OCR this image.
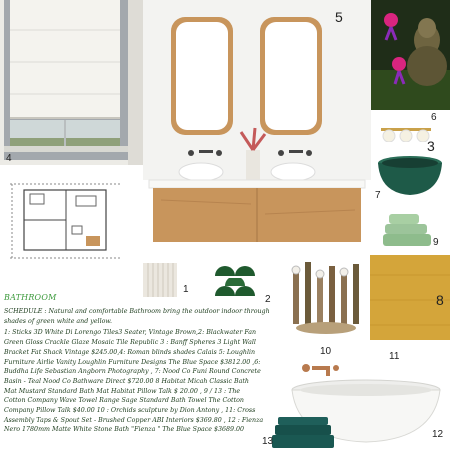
4
5
6
3
7
9
8
1
2
10	11
12
13
BATHROOM

SCHEDULE : Natural and comfortable Bathroom bring the outdoor indoor through shades of green white and yellow.

1: Sticks 3D White Di Lorengo Tiles3 Seater, Vintage Brown,2: Blackwater Fan
Green Gloss Crackle Glaze Mosaic Tile Republic 3 : Banff Spheres 3 Light Wall
Bracket Fat Shack Vintage $245.00,4: Roman blinds shades Calais 5: Loughlin
Furniture Airlie Vanity Loughlin Furniture Designs The Blue Space $3812.00 ,6:
Buddha Life Sebastian Angborn Photography , 7: Nood Co Funi Round Concrete
Basin - Teal Nood Co Bathware Direct $720.00 8 Habitat Micah Classic Bath
Mat Mustard Standard Bath Mat Habitat Pillow Talk $ 20.00 , 9 / 13 : The
Cotton Company Wave Towel Range Sage Standard Bath Towel The Cotton
Company Pillow Talk $40.00 10 : Orchids sculpture by Dion Antony , 11: Cross
Assembly Taps & Spout Set - Brushed Copper ABI Interiors $369.80 , 12 : Fienza
Nero 1780mm Matte White Stone Bath "Fienza " The Blue Space $3689.00
